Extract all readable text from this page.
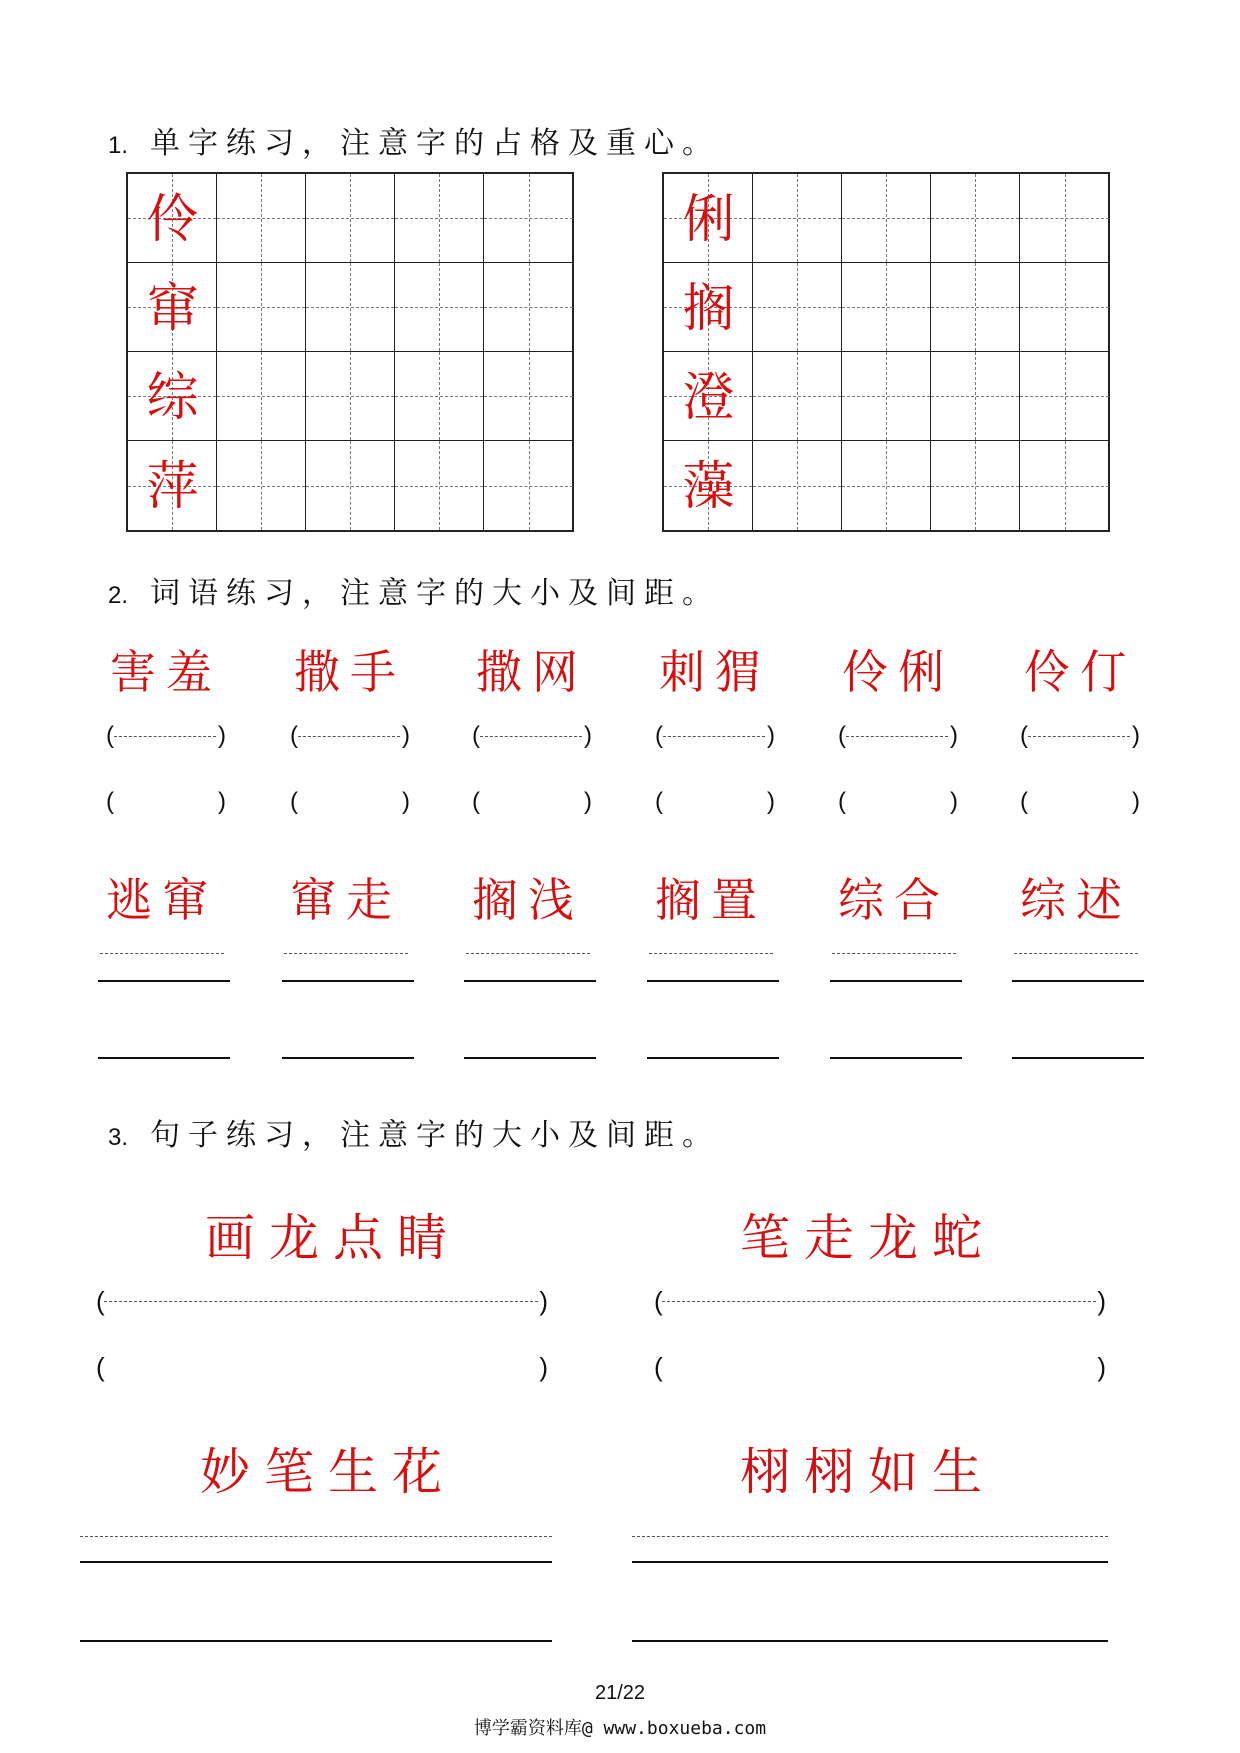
1. 单字练习，注意字的占格及重心。
伶
窜
综
萍
俐
搁
澄
藻
2. 词语练习，注意字的大小及间距。
害羞
(	)
(	)
逃窜
撒手
(	)
(	)
窜走
撒网
(	)
(	)
搁浅
刺猬
(	)
(	)
搁置
伶俐
(	)
(	)
综合
伶仃
(	)
(	)
综述
3. 句子练习，注意字的大小及间距。
画龙点睛	笔走龙蛇
(	)	(	)
(	)	(	)
妙笔生花	栩栩如生
21/22
博学霸资料库@ www.boxueba.com
